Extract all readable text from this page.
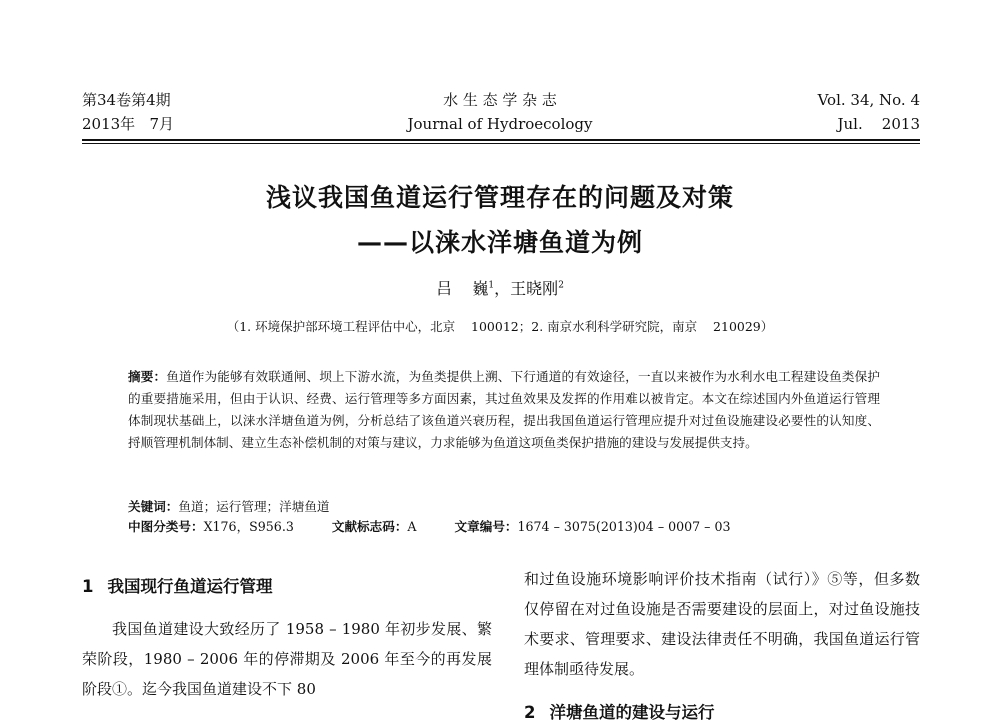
第34卷第4期
2013年   7月
水 生 态 学 杂 志
Journal of Hydroecology
Vol. 34, No. 4
Jul.    2013
浅议我国鱼道运行管理存在的问题及对策
——以涞水洋塘鱼道为例
吕    巍$^1$，王晓刚$^2$
（1. 环境保护部环境工程评估中心，北京    100012；2. 南京水利科学研究院，南京    210029）
摘要：鱼道作为能够有效联通闸、坝上下游水流，为鱼类提供上溯、下行通道的有效途径，一直以来被作为水利水电工程建设鱼类保护的重要措施采用，但由于认识、经费、运行管理等多方面因素，其过鱼效果及发挥的作用难以被肯定。本文在综述国内外鱼道运行管理体制现状基础上，以涞水洋塘鱼道为例，分析总结了该鱼道兴衰历程，提出我国鱼道运行管理应提升对过鱼设施建设必要性的认知度、捋顺管理机制体制、建立生态补偿机制的对策与建议，力求能够为鱼道这项鱼类保护措施的建设与发展提供支持。
关键词：鱼道；运行管理；洋塘鱼道
中图分类号：X176，S956.3	文献标志码：A	文章编号：1674 – 3075(2013)04 – 0007 – 03
1 我国现行鱼道运行管理
我国鱼道建设大致经历了 1958 – 1980 年初步发展、繁荣阶段，1980 – 2006 年的停滞期及 2006 年至今的再发展阶段①。迄今我国鱼道建设不下 80
和过鱼设施环境影响评价技术指南（试行）》⑤等，但多数仅停留在对过鱼设施是否需要建设的层面上，对过鱼设施技术要求、管理要求、建设法律责任不明确，我国鱼道运行管理体制亟待发展。
2 洋塘鱼道的建设与运行
